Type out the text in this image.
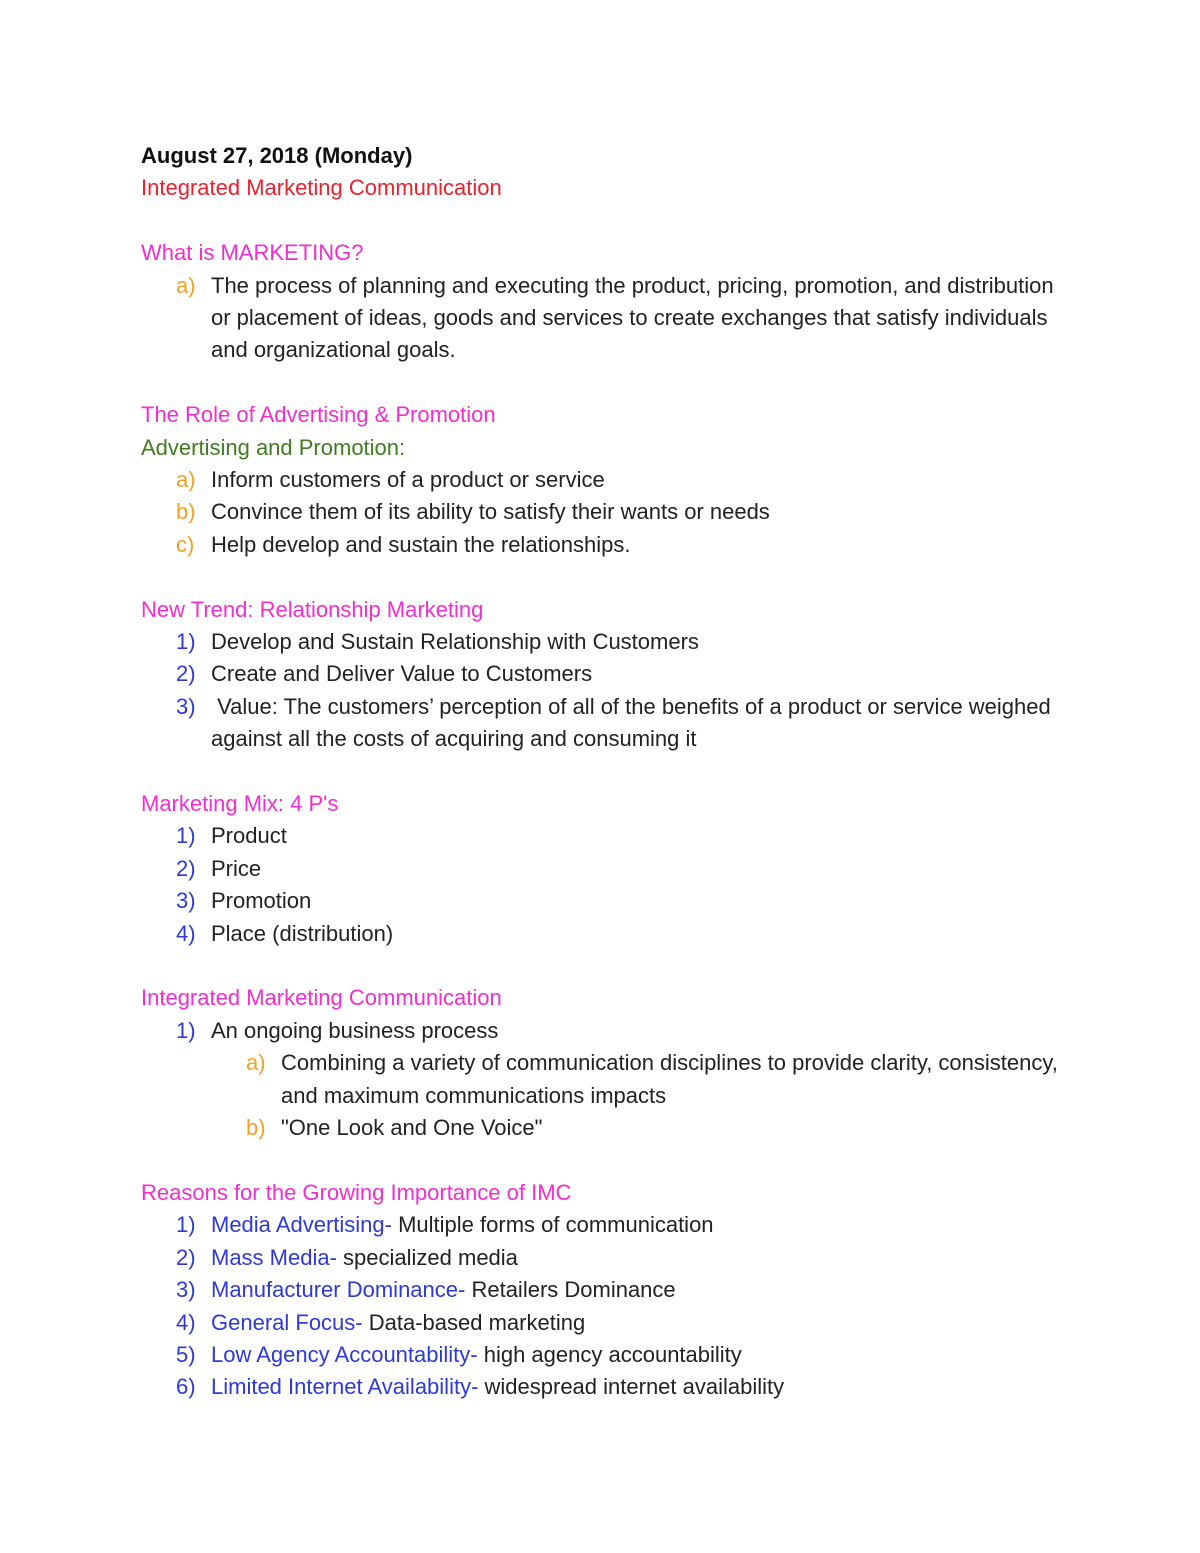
August 27, 2018 (Monday)
Integrated Marketing Communication
What is MARKETING?
a) The process of planning and executing the product, pricing, promotion, and distribution or placement of ideas, goods and services to create exchanges that satisfy individuals and organizational goals.
The Role of Advertising & Promotion
Advertising and Promotion:
a) Inform customers of a product or service
b) Convince them of its ability to satisfy their wants or needs
c) Help develop and sustain the relationships.
New Trend: Relationship Marketing
1) Develop and Sustain Relationship with Customers
2) Create and Deliver Value to Customers
3) Value: The customers’ perception of all of the benefits of a product or service weighed against all the costs of acquiring and consuming it
Marketing Mix: 4 P's
1) Product
2) Price
3) Promotion
4) Place (distribution)
Integrated Marketing Communication
1) An ongoing business process
a) Combining a variety of communication disciplines to provide clarity, consistency, and maximum communications impacts
b) "One Look and One Voice"
Reasons for the Growing Importance of IMC
1) Media Advertising- Multiple forms of communication
2) Mass Media- specialized media
3) Manufacturer Dominance- Retailers Dominance
4) General Focus- Data-based marketing
5) Low Agency Accountability- high agency accountability
6) Limited Internet Availability- widespread internet availability
